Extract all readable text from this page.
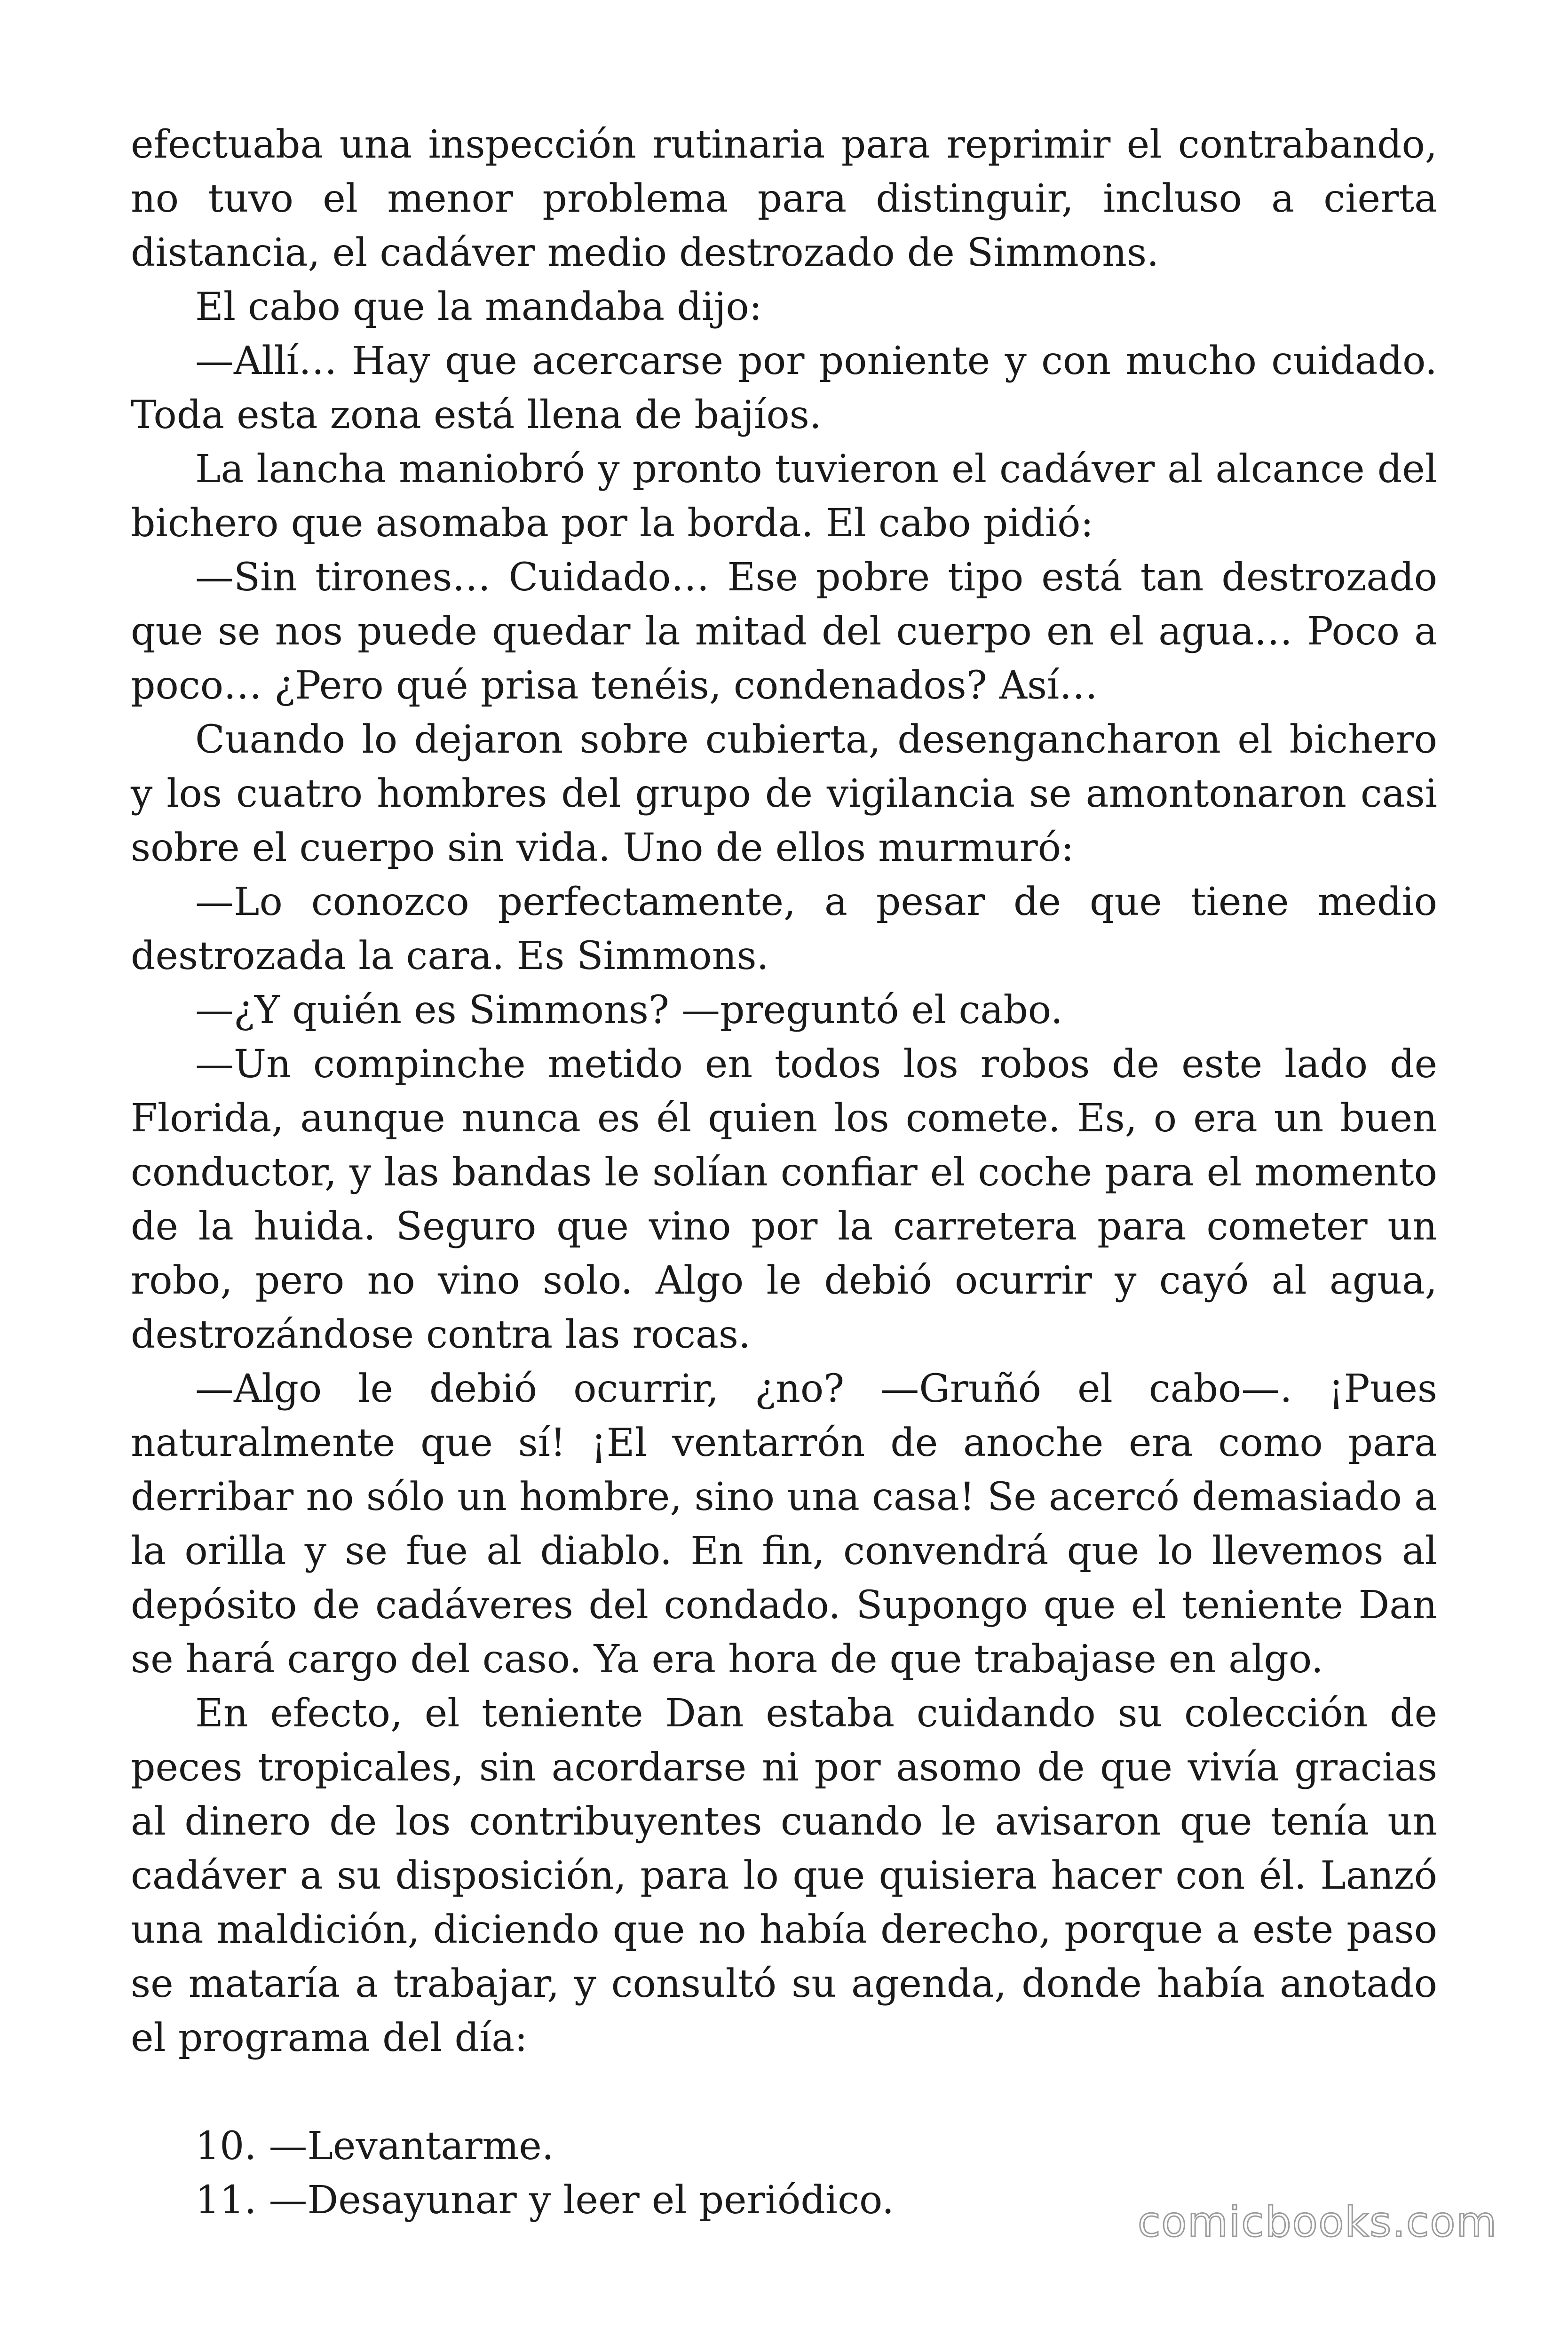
efectuaba una inspección rutinaria para reprimir el contrabando, no tuvo el menor problema para distinguir, incluso a cierta distancia, el cadáver medio destrozado de Simmons.

El cabo que la mandaba dijo:

—Allí… Hay que acercarse por poniente y con mucho cuidado. Toda esta zona está llena de bajíos.

La lancha maniobró y pronto tuvieron el cadáver al alcance del bichero que asomaba por la borda. El cabo pidió:

—Sin tirones… Cuidado… Ese pobre tipo está tan destrozado que se nos puede quedar la mitad del cuerpo en el agua… Poco a poco… ¿Pero qué prisa tenéis, condenados? Así…

Cuando lo dejaron sobre cubierta, desengancharon el bichero y los cuatro hombres del grupo de vigilancia se amontonaron casi sobre el cuerpo sin vida. Uno de ellos murmuró:

—Lo conozco perfectamente, a pesar de que tiene medio destrozada la cara. Es Simmons.

—¿Y quién es Simmons? —preguntó el cabo.

—Un compinche metido en todos los robos de este lado de Florida, aunque nunca es él quien los comete. Es, o era un buen conductor, y las bandas le solían confiar el coche para el momento de la huida. Seguro que vino por la carretera para cometer un robo, pero no vino solo. Algo le debió ocurrir y cayó al agua, destrozándose contra las rocas.

—Algo le debió ocurrir, ¿no? —Gruñó el cabo—. ¡Pues naturalmente que sí! ¡El ventarrón de anoche era como para derribar no sólo un hombre, sino una casa! Se acercó demasiado a la orilla y se fue al diablo. En fin, convendrá que lo llevemos al depósito de cadáveres del condado. Supongo que el teniente Dan se hará cargo del caso. Ya era hora de que trabajase en algo.

En efecto, el teniente Dan estaba cuidando su colección de peces tropicales, sin acordarse ni por asomo de que vivía gracias al dinero de los contribuyentes cuando le avisaron que tenía un cadáver a su disposición, para lo que quisiera hacer con él. Lanzó una maldición, diciendo que no había derecho, porque a este paso se mataría a trabajar, y consultó su agenda, donde había anotado el programa del día:

10. —Levantarme.
11. —Desayunar y leer el periódico.	comicbooks.com
